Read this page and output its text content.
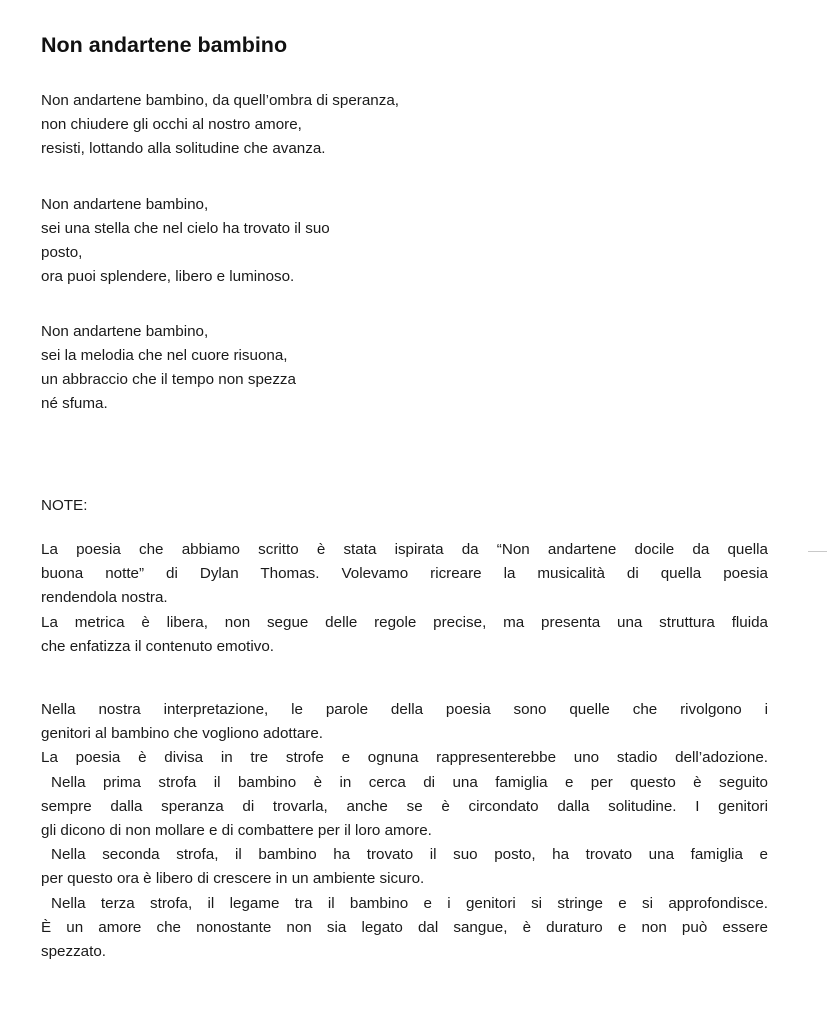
Non andartene bambino
Non andartene bambino, da quell’ombra di speranza,
non chiudere gli occhi al nostro amore,
resisti, lottando alla solitudine che avanza.
Non andartene bambino,
sei una stella che nel cielo ha trovato il suo
posto,
ora puoi splendere, libero e luminoso.
Non andartene bambino,
sei la melodia che nel cuore risuona,
un abbraccio che il tempo non spezza
né sfuma.
NOTE:
La poesia che abbiamo scritto è stata ispirata da “Non andartene docile da quella
buona notte” di Dylan Thomas. Volevamo ricreare la musicalità di quella poesia
rendendola nostra.
La metrica è libera, non segue delle regole precise, ma presenta una struttura fluida
che enfatizza il contenuto emotivo.
Nella nostra interpretazione, le parole della poesia sono quelle che rivolgono i
genitori al bambino che vogliono adottare.
La poesia è divisa in tre strofe e ognuna rappresenterebbe uno stadio dell’adozione.
Nella prima strofa il bambino è in cerca di una famiglia e per questo è seguito
sempre dalla speranza di trovarla, anche se è circondato dalla solitudine. I genitori
gli dicono di non mollare e di combattere per il loro amore.
Nella seconda strofa, il bambino ha trovato il suo posto, ha trovato una famiglia e
per questo ora è libero di crescere in un ambiente sicuro.
Nella terza strofa, il legame tra il bambino e i genitori si stringe e si approfondisce.
È un amore che nonostante non sia legato dal sangue, è duraturo e non può essere
spezzato.
